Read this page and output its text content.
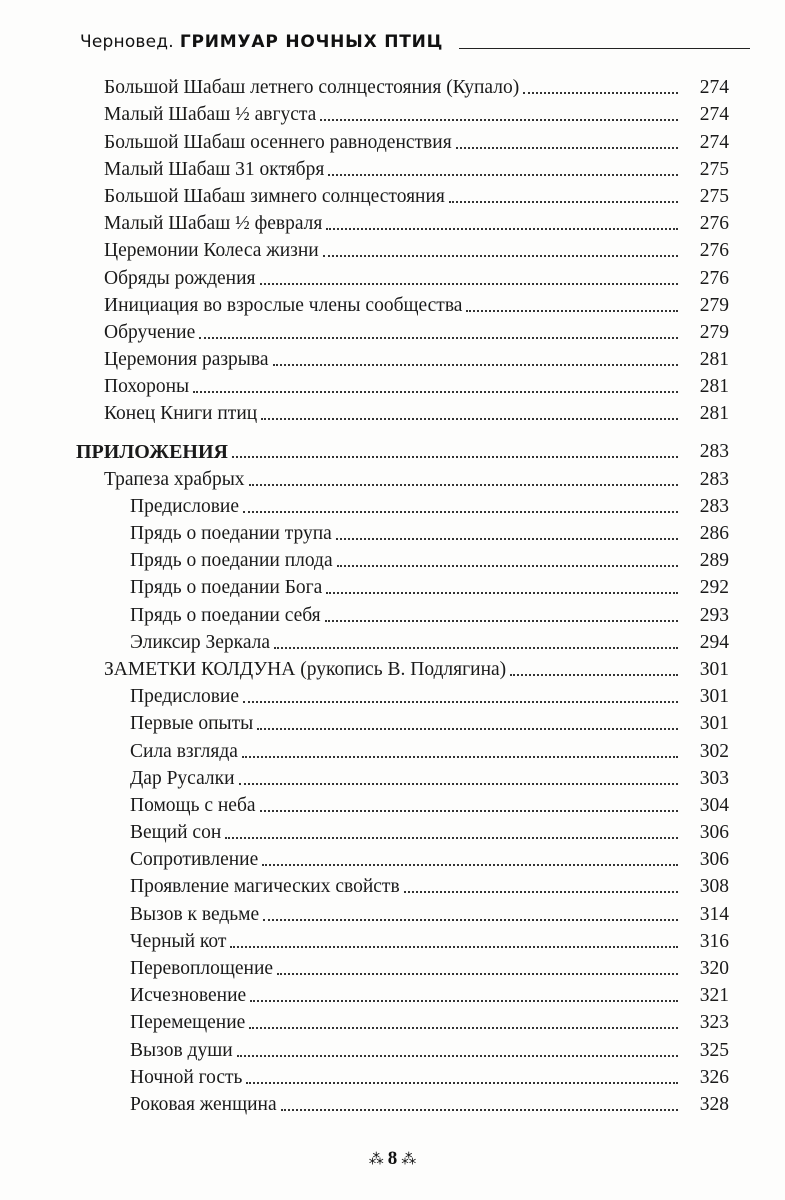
Черновед. ГРИМУАР НОЧНЫХ ПТИЦ
Большой Шабаш летнего солнцестояния (Купало)	274
Малый Шабаш ½ августа	274
Большой Шабаш осеннего равноденствия	274
Малый Шабаш 31 октября	275
Большой Шабаш зимнего солнцестояния	275
Малый Шабаш ½ февраля	276
Церемонии Колеса жизни	276
Обряды рождения	276
Инициация во взрослые члены сообщества	279
Обручение	279
Церемония разрыва	281
Похороны	281
Конец Книги птиц	281
ПРИЛОЖЕНИЯ	283
Трапеза храбрых	283
Предисловие	283
Прядь о поедании трупа	286
Прядь о поедании плода	289
Прядь о поедании Бога	292
Прядь о поедании себя	293
Эликсир Зеркала	294
ЗАМЕТКИ КОЛДУНА (рукопись В. Подлягина)	301
Предисловие	301
Первые опыты	301
Сила взгляда	302
Дар Русалки	303
Помощь с неба	304
Вещий сон	306
Сопротивление	306
Проявление магических свойств	308
Вызов к ведьме	314
Черный кот	316
Перевоплощение	320
Исчезновение	321
Перемещение	323
Вызов души	325
Ночной гость	326
Роковая женщина	328
⁂ 8 ⁂
